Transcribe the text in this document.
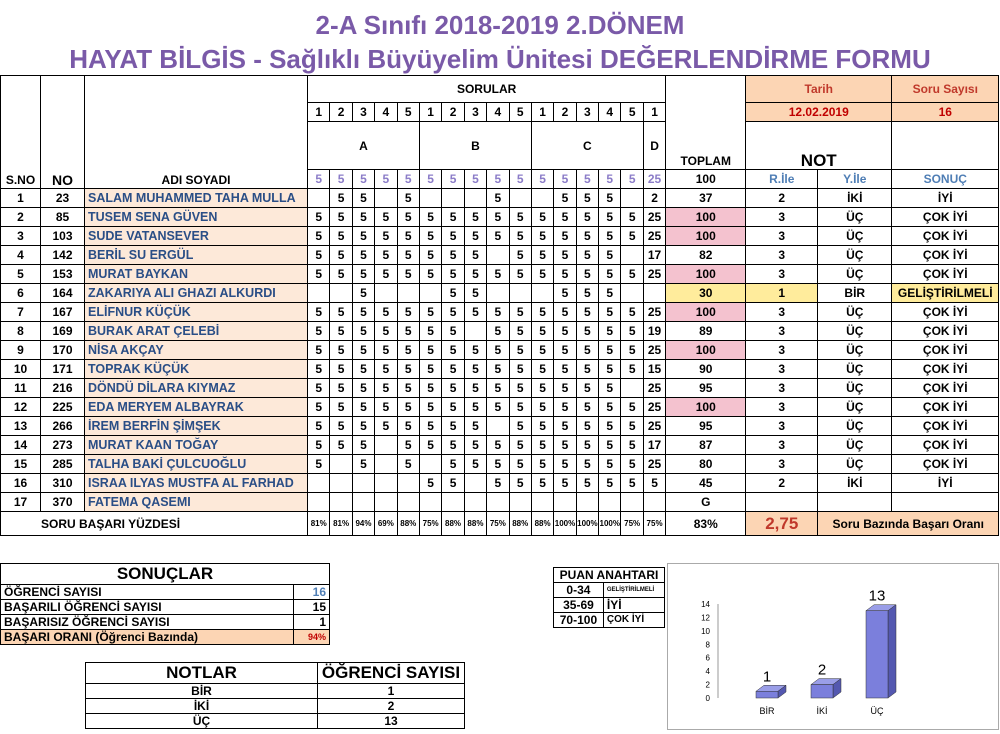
2-A Sınıfı 2018-2019 2.DÖNEM
HAYAT BİLGİS - Sağlıklı Büyüyelim Ünitesi DEĞERLENDİRME FORMU
S.NO	NO	ADI SOYADI	SORULAR																TOPLAM	Tarih		Soru Sayısı
			1	2	3	4	5	1	2	3	4	5	1	2	3	4	5	1		12.02.2019		16
			A					B					C					D		NOT		

			5	5	5	5	5	5	5	5	5	5	5	5	5	5	5	25	100	R.İle	Y.İle	SONUÇ
1	23	SALAM MUHAMMED TAHA MULLA		5	5		5				5			5	5	5		2	37	2	İKİ	İYİ
2	85	TUSEM SENA GÜVEN	5	5	5	5	5	5	5	5	5	5	5	5	5	5	5	25	100	3	ÜÇ	ÇOK İYİ
3	103	SUDE VATANSEVER	5	5	5	5	5	5	5	5	5	5	5	5	5	5	5	25	100	3	ÜÇ	ÇOK İYİ
4	142	BERİL SU ERGÜL	5	5	5	5	5	5	5	5		5	5	5	5	5		17	82	3	ÜÇ	ÇOK İYİ
5	153	MURAT BAYKAN	5	5	5	5	5	5	5	5	5	5	5	5	5	5	5	25	100	3	ÜÇ	ÇOK İYİ
6	164	ZAKARIYA ALI GHAZI ALKURDI			5				5	5				5	5	5			30	1	BİR	GELİŞTİRİLMELİ
7	167	ELİFNUR KÜÇÜK	5	5	5	5	5	5	5	5	5	5	5	5	5	5	5	25	100	3	ÜÇ	ÇOK İYİ
8	169	BURAK ARAT ÇELEBİ	5	5	5	5	5	5	5		5	5	5	5	5	5	5	19	89	3	ÜÇ	ÇOK İYİ
9	170	NİSA AKÇAY	5	5	5	5	5	5	5	5	5	5	5	5	5	5	5	25	100	3	ÜÇ	ÇOK İYİ
10	171	TOPRAK KÜÇÜK	5	5	5	5	5	5	5	5	5	5	5	5	5	5	5	15	90	3	ÜÇ	ÇOK İYİ
11	216	DÖNDÜ DİLARA KIYMAZ	5	5	5	5	5	5	5	5	5	5	5	5	5	5		25	95	3	ÜÇ	ÇOK İYİ
12	225	EDA MERYEM ALBAYRAK	5	5	5	5	5	5	5	5	5	5	5	5	5	5	5	25	100	3	ÜÇ	ÇOK İYİ
13	266	İREM BERFİN ŞİMŞEK	5	5	5	5	5	5	5	5		5	5	5	5	5	5	25	95	3	ÜÇ	ÇOK İYİ
14	273	MURAT KAAN TOĞAY	5	5	5		5	5	5	5	5	5	5	5	5	5	5	17	87	3	ÜÇ	ÇOK İYİ
15	285	TALHA BAKİ ÇULCUOĞLU	5		5		5		5	5	5	5	5	5	5	5	5	25	80	3	ÜÇ	ÇOK İYİ
16	310	ISRAA ILYAS MUSTFA AL FARHAD						5	5		5	5	5	5	5	5	5	5	45	2	İKİ	İYİ
17	370	FATEMA QASEMI																	G			
SORU BAŞARI YÜZDESİ			81%	81%	94%	69%	88%	75%	88%	88%	75%	88%	88%	100%	100%	100%	75%	75%	83%	2,75	Soru Bazında Başarı Oranı	
SONUÇLAR	
ÖĞRENCİ SAYISI	16
BAŞARILI ÖĞRENCİ SAYISI	15
BAŞARISIZ ÖĞRENCİ SAYISI	1
BAŞARI ORANI (Öğrenci Bazında)	94%
PUAN ANAHTARI	
0-34	GELİŞTİRİLMELİ
35-69	İYİ
70-100	ÇOK İYİ
NOTLAR	ÖĞRENCİ SAYISI
BİR	1
İKİ	2
ÜÇ	13
0
2
4
6
8
10
12
14
1
BİR
2
İKİ
13
ÜÇ
